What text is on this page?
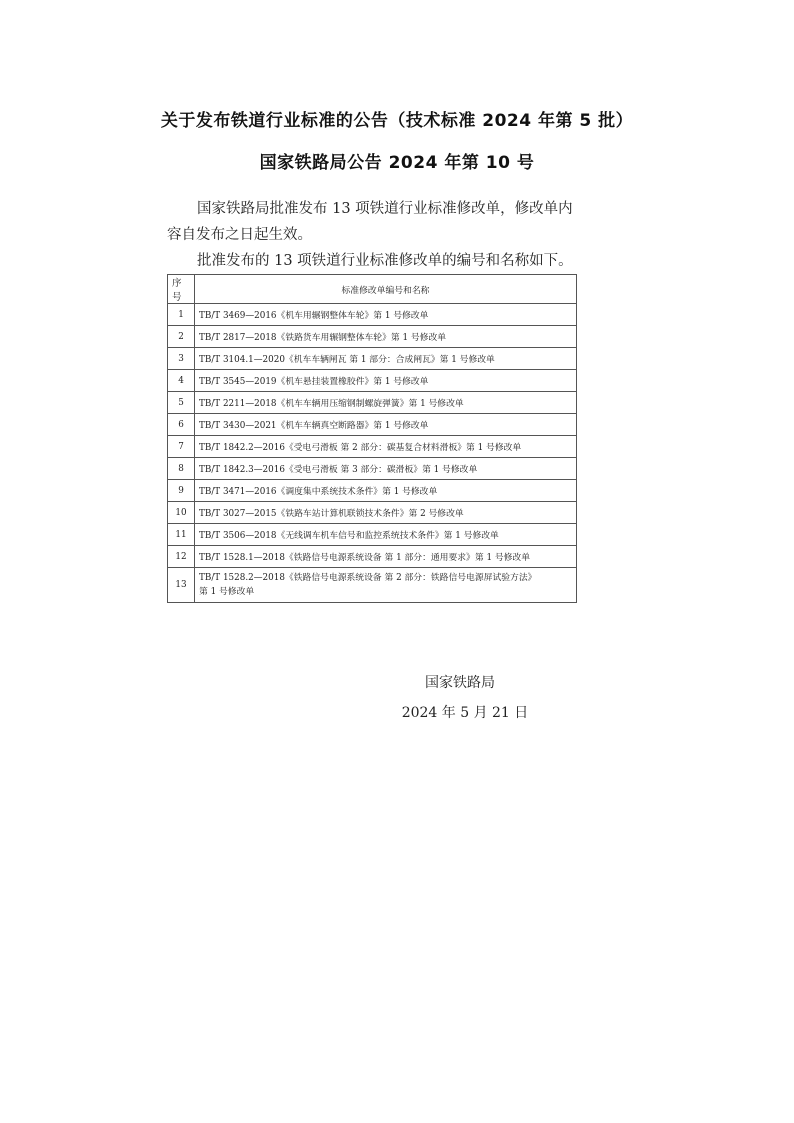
关于发布铁道行业标准的公告（技术标准 2024 年第 5 批）
国家铁路局公告 2024 年第 10 号
国家铁路局批准发布 13 项铁道行业标准修改单，修改单内容自发布之日起生效。
批准发布的 13 项铁道行业标准修改单的编号和名称如下。
序号	标准修改单编号和名称
1	TB/T 3469—2016《机车用辗钢整体车轮》第 1 号修改单
2	TB/T 2817—2018《铁路货车用辗钢整体车轮》第 1 号修改单
3	TB/T 3104.1—2020《机车车辆闸瓦 第 1 部分：合成闸瓦》第 1 号修改单
4	TB/T 3545—2019《机车悬挂装置橡胶件》第 1 号修改单
5	TB/T 2211—2018《机车车辆用压缩钢制螺旋弹簧》第 1 号修改单
6	TB/T 3430—2021《机车车辆真空断路器》第 1 号修改单
7	TB/T 1842.2—2016《受电弓滑板 第 2 部分：碳基复合材料滑板》第 1 号修改单
8	TB/T 1842.3—2016《受电弓滑板 第 3 部分：碳滑板》第 1 号修改单
9	TB/T 3471—2016《调度集中系统技术条件》第 1 号修改单
10	TB/T 3027—2015《铁路车站计算机联锁技术条件》第 2 号修改单
11	TB/T 3506—2018《无线调车机车信号和监控系统技术条件》第 1 号修改单
12	TB/T 1528.1—2018《铁路信号电源系统设备 第 1 部分：通用要求》第 1 号修改单
13	TB/T 1528.2—2018《铁路信号电源系统设备 第 2 部分：铁路信号电源屏试验方法》
第 1 号修改单
国家铁路局
2024 年 5 月 21 日
